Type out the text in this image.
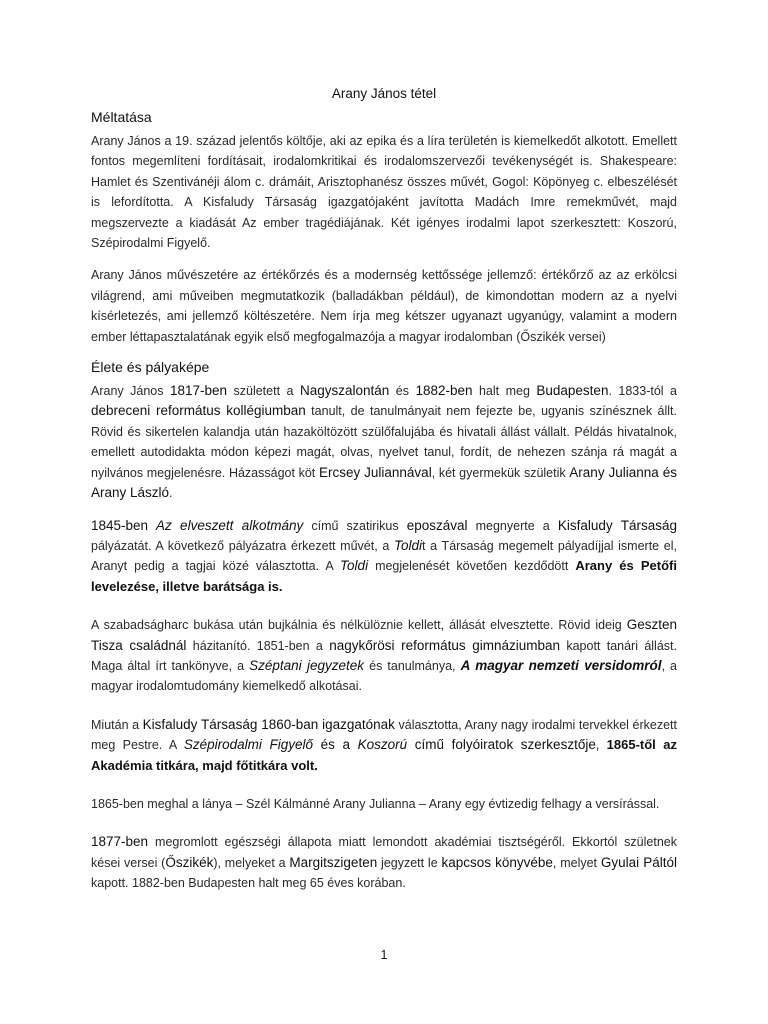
Arany János tétel
Méltatása

Arany János a 19. század jelentős költője, aki az epika és a líra területén is kiemelkedőt alkotott. Emellett fontos megemlíteni fordításait, irodalomkritikai és irodalomszervezői tevékenységét is. Shakespeare: Hamlet és Szentivánéji álom c. drámáit, Arisztophanész összes művét, Gogol: Köpönyeg c. elbeszélését is lefordította. A Kisfaludy Társaság igazgatójaként javította Madách Imre remekművét, majd megszervezte a kiadását Az ember tragédiájának. Két igényes irodalmi lapot szerkesztett: Koszorú, Szépirodalmi Figyelő.

Arany János művészetére az értékőrzés és a modernség kettőssége jellemző: értékőrző az az erkölcsi világrend, ami műveiben megmutatkozik (balladákban például), de kimondottan modern az a nyelvi kísérletezés, ami jellemző költészetére. Nem írja meg kétszer ugyanazt ugyanúgy, valamint a modern ember léttapasztalatának egyik első megfogalmazója a magyar irodalomban (Őszikék versei)

Élete és pályaképe

Arany János 1817-ben született a Nagyszalontán és 1882-ben halt meg Budapesten. 1833-tól a debreceni református kollégiumban tanult, de tanulmányait nem fejezte be, ugyanis színésznek állt. Rövid és sikertelen kalandja után hazaköltözött szülőfalujába és hivatali állást vállalt. Példás hivatalnok, emellett autodidakta módon képezi magát, olvas, nyelvet tanul, fordít, de nehezen szánja rá magát a nyilvános megjelenésre. Házasságot köt Ercsey Juliannával, két gyermekük születik Arany Julianna és Arany László.

1845-ben Az elveszett alkotmány című szatirikus eposzával megnyerte a Kisfaludy Társaság pályázatát. A következő pályázatra érkezett művét, a Toldit a Társaság megemelt pályadíjjal ismerte el, Aranyt pedig a tagjai közé választotta. A Toldi megjelenését követően kezdődött Arany és Petőfi levelezése, illetve barátsága is.

A szabadságharc bukása után bujkálnia és nélkülöznie kellett, állását elvesztette. Rövid ideig Geszten Tisza családnál házitanító. 1851-ben a nagykőrösi református gimnáziumban kapott tanári állást. Maga által írt tankönyve, a Széptani jegyzetek és tanulmánya, A magyar nemzeti versidomról, a magyar irodalomtudomány kiemelkedő alkotásai.

Miután a Kisfaludy Társaság 1860-ban igazgatónak választotta, Arany nagy irodalmi tervekkel érkezett meg Pestre. A Szépirodalmi Figyelő és a Koszorú című folyóiratok szerkesztője, 1865-től az Akadémia titkára, majd főtitkára volt.

1865-ben meghal a lánya – Szél Kálmánné Arany Julianna – Arany egy évtizedig felhagy a versírással.

1877-ben megromlott egészségi állapota miatt lemondott akadémiai tisztségéről. Ekkortól születnek kései versei (Őszikék), melyeket a Margitszigeten jegyzett le kapcsos könyvébe, melyet Gyulai Páltól kapott. 1882-ben Budapesten halt meg 65 éves korában.

1
